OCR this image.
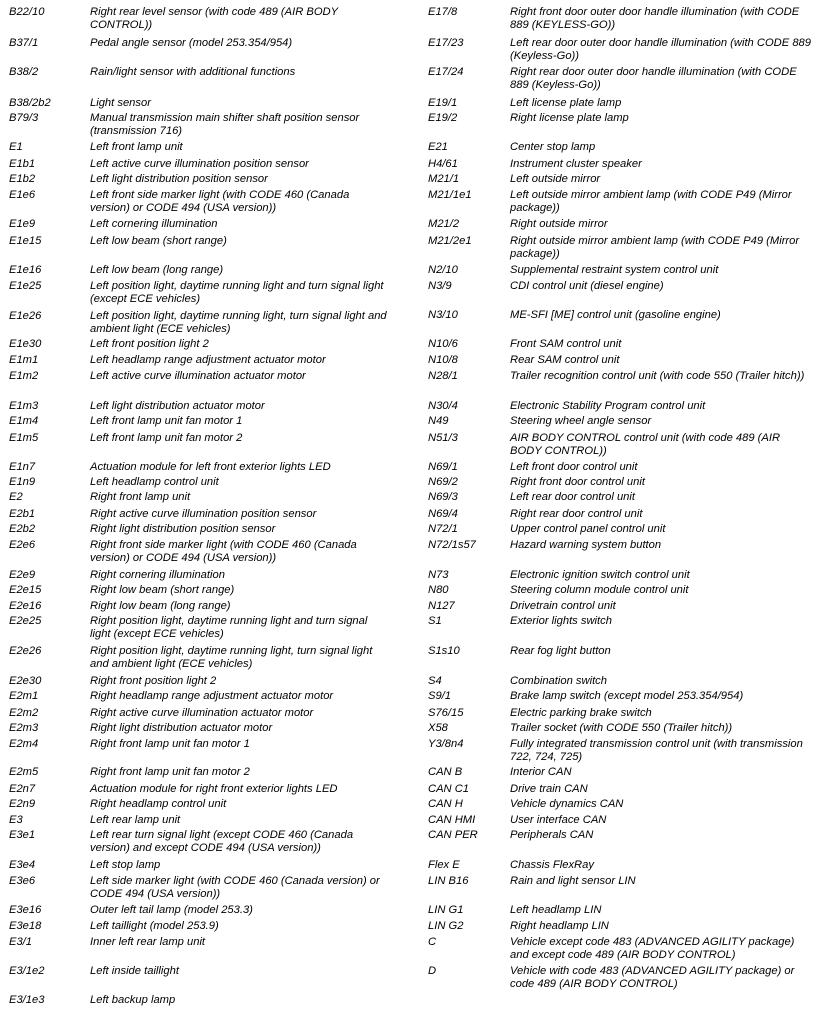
B22/10	Right rear level sensor (with code 489 (AIR BODY CONTROL))
B37/1	Pedal angle sensor (model 253.354/954)
B38/2	Rain/light sensor with additional functions
B38/2b2	Light sensor
B79/3	Manual transmission main shifter shaft position sensor (transmission 716)
E1	Left front lamp unit
E1b1	Left active curve illumination position sensor
E1b2	Left light distribution position sensor
E1e6	Left front side marker light (with CODE 460 (Canada version) or CODE 494 (USA version))
E1e9	Left cornering illumination
E1e15	Left low beam (short range)
E1e16	Left low beam (long range)
E1e25	Left position light, daytime running light and turn signal light (except ECE vehicles)
E1e26	Left position light, daytime running light, turn signal light and ambient light (ECE vehicles)
E1e30	Left front position light 2
E1m1	Left headlamp range adjustment actuator motor
E1m2	Left active curve illumination actuator motor
E1m3	Left light distribution actuator motor
E1m4	Left front lamp unit fan motor 1
E1m5	Left front lamp unit fan motor 2
E1n7	Actuation module for left front exterior lights LED
E1n9	Left headlamp control unit
E2	Right front lamp unit
E2b1	Right active curve illumination position sensor
E2b2	Right light distribution position sensor
E2e6	Right front side marker light (with CODE 460 (Canada version) or CODE 494 (USA version))
E2e9	Right cornering illumination
E2e15	Right low beam (short range)
E2e16	Right low beam (long range)
E2e25	Right position light, daytime running light and turn signal light (except ECE vehicles)
E2e26	Right position light, daytime running light, turn signal light and ambient light (ECE vehicles)
E2e30	Right front position light 2
E2m1	Right headlamp range adjustment actuator motor
E2m2	Right active curve illumination actuator motor
E2m3	Right light distribution actuator motor
E2m4	Right front lamp unit fan motor 1
E2m5	Right front lamp unit fan motor 2
E2n7	Actuation module for right front exterior lights LED
E2n9	Right headlamp control unit
E3	Left rear lamp unit
E3e1	Left rear turn signal light (except CODE 460 (Canada version) and except CODE 494 (USA version))
E3e4	Left stop lamp
E3e6	Left side marker light (with CODE 460 (Canada version) or CODE 494 (USA version))
E3e16	Outer left tail lamp (model 253.3)
E3e18	Left taillight (model 253.9)
E3/1	Inner left rear lamp unit
E3/1e2	Left inside taillight
E3/1e3	Left backup lamp
E17/8	Right front door outer door handle illumination (with CODE 889 (KEYLESS-GO))
E17/23	Left rear door outer door handle illumination (with CODE 889 (Keyless-Go))
E17/24	Right rear door outer door handle illumination (with CODE 889 (Keyless-Go))
E19/1	Left license plate lamp
E19/2	Right license plate lamp
E21	Center stop lamp
H4/61	Instrument cluster speaker
M21/1	Left outside mirror
M21/1e1	Left outside mirror ambient lamp (with CODE P49 (Mirror package))
M21/2	Right outside mirror
M21/2e1	Right outside mirror ambient lamp (with CODE P49 (Mirror package))
N2/10	Supplemental restraint system control unit
N3/9	CDI control unit (diesel engine)
N3/10	ME-SFI [ME] control unit (gasoline engine)
N10/6	Front SAM control unit
N10/8	Rear SAM control unit
N28/1	Trailer recognition control unit (with code 550 (Trailer hitch))
N30/4	Electronic Stability Program control unit
N49	Steering wheel angle sensor
N51/3	AIR BODY CONTROL control unit (with code 489 (AIR BODY CONTROL))
N69/1	Left front door control unit
N69/2	Right front door control unit
N69/3	Left rear door control unit
N69/4	Right rear door control unit
N72/1	Upper control panel control unit
N72/1s57	Hazard warning system button
N73	Electronic ignition switch control unit
N80	Steering column module control unit
N127	Drivetrain control unit
S1	Exterior lights switch
S1s10	Rear fog light button
S4	Combination switch
S9/1	Brake lamp switch (except model 253.354/954)
S76/15	Electric parking brake switch
X58	Trailer socket (with CODE 550 (Trailer hitch))
Y3/8n4	Fully integrated transmission control unit (with transmission 722, 724, 725)
CAN B	Interior CAN
CAN C1	Drive train CAN
CAN H	Vehicle dynamics CAN
CAN HMI	User interface CAN
CAN PER	Peripherals CAN
Flex E	Chassis FlexRay
LIN B16	Rain and light sensor LIN
LIN G1	Left headlamp LIN
LIN G2	Right headlamp LIN
C	Vehicle except code 483 (ADVANCED AGILITY package) and except code 489 (AIR BODY CONTROL)
D	Vehicle with code 483 (ADVANCED AGILITY package) or code 489 (AIR BODY CONTROL)
